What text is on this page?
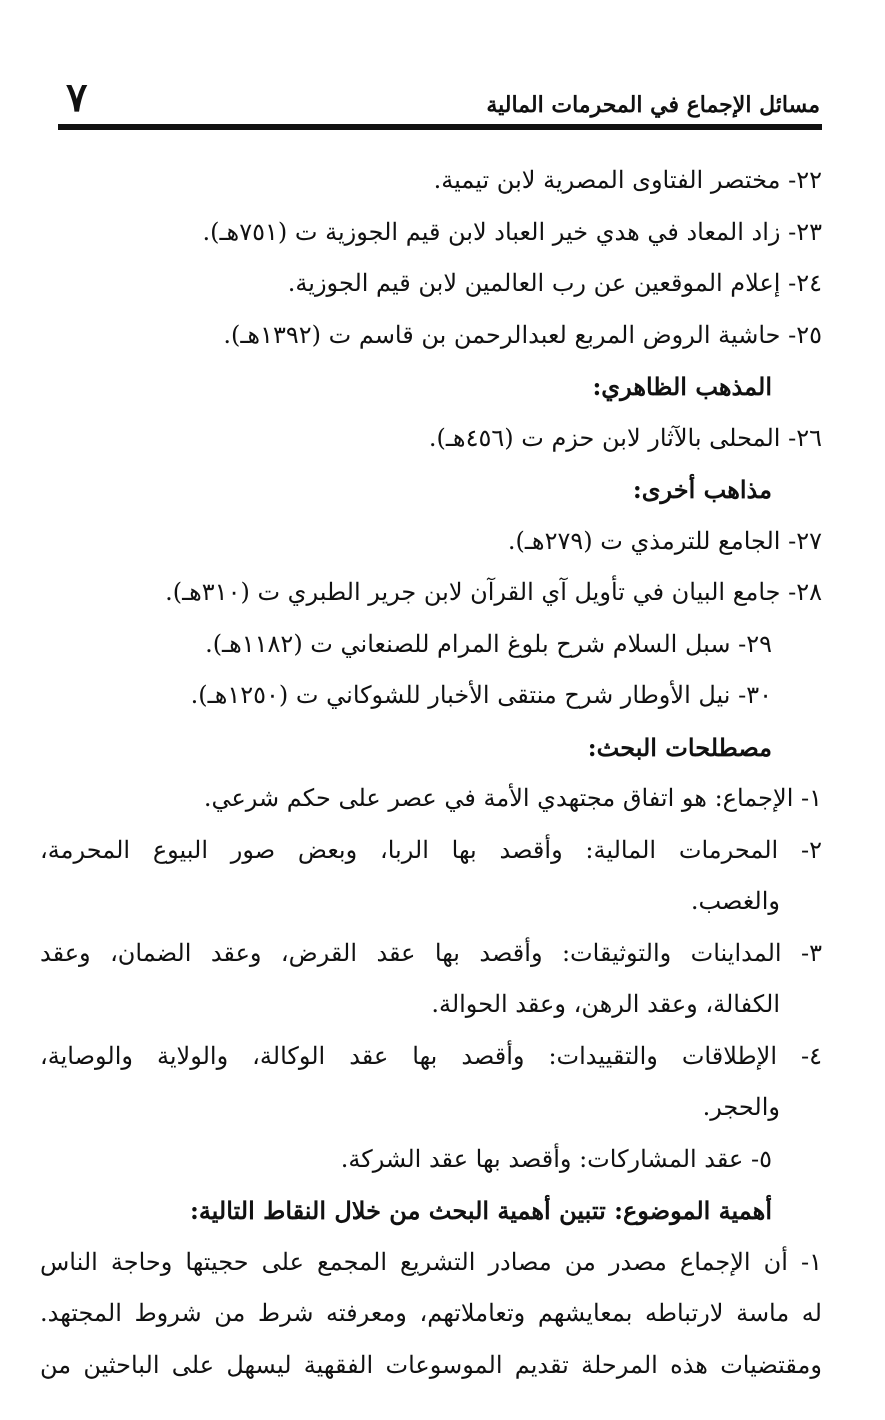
٧	مسائل الإجماع في المحرمات المالية
٢٢- مختصر الفتاوى المصرية لابن تيمية.
٢٣- زاد المعاد في هدي خير العباد لابن قيم الجوزية ت (٧٥١هـ).
٢٤- إعلام الموقعين عن رب العالمين لابن قيم الجوزية.
٢٥- حاشية الروض المربع لعبدالرحمن بن قاسم ت (١٣٩٢هـ).
المذهب الظاهري:
٢٦- المحلى بالآثار لابن حزم ت (٤٥٦هـ).
مذاهب أخرى:
٢٧- الجامع للترمذي ت (٢٧٩هـ).
٢٨- جامع البيان في تأويل آي القرآن لابن جرير الطبري ت (٣١٠هـ).
٢٩- سبل السلام شرح بلوغ المرام للصنعاني ت (١١٨٢هـ).
٣٠- نيل الأوطار شرح منتقى الأخبار للشوكاني ت (١٢٥٠هـ).
مصطلحات البحث:
١- الإجماع: هو اتفاق مجتهدي الأمة في عصر على حكم شرعي.
٢- المحرمات المالية: وأقصد بها الربا، وبعض صور البيوع المحرمة،
والغصب.
٣- المداينات والتوثيقات: وأقصد بها عقد القرض، وعقد الضمان، وعقد
الكفالة، وعقد الرهن، وعقد الحوالة.
٤- الإطلاقات والتقييدات: وأقصد بها عقد الوكالة، والولاية والوصاية،
والحجر.
٥- عقد المشاركات: وأقصد بها عقد الشركة.
أهمية الموضوع: تتبين أهمية البحث من خلال النقاط التالية:
١- أن الإجماع مصدر من مصادر التشريع المجمع على حجيتها وحاجة الناس
له ماسة لارتباطه بمعايشهم وتعاملاتهم، ومعرفته شرط من شروط المجتهد.
ومقتضيات هذه المرحلة تقديم الموسوعات الفقهية ليسهل على الباحثين من
